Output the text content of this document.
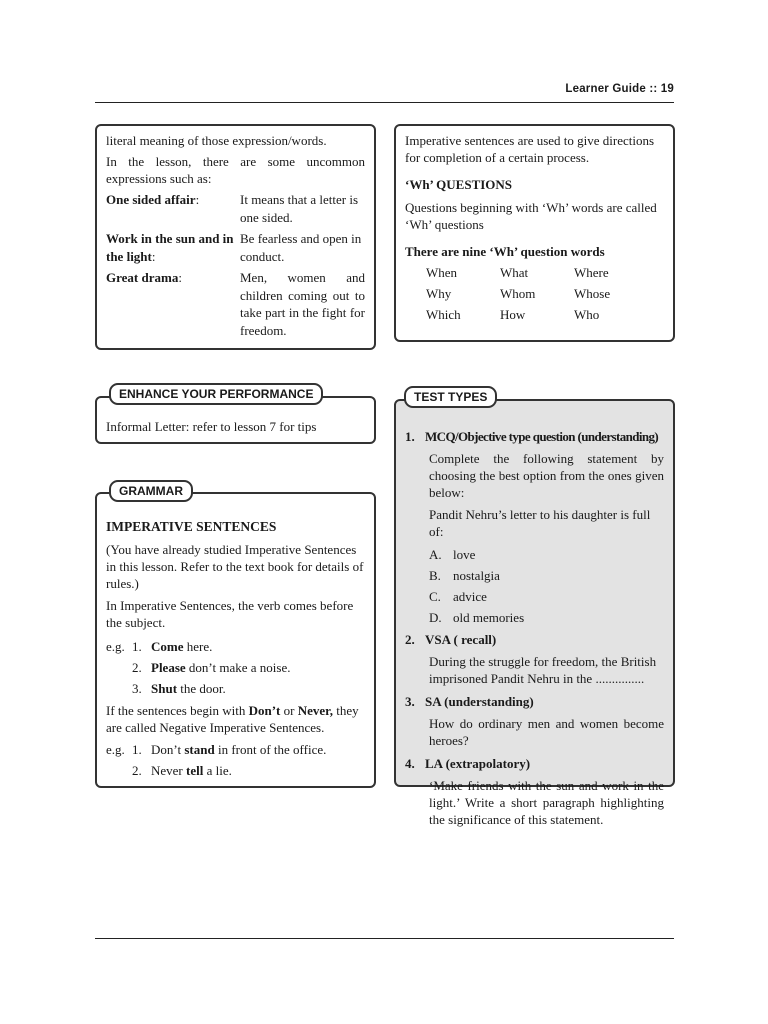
Learner Guide :: 19

literal meaning of those expression/words.

In the lesson, there are some uncommon expressions such as:

One sided affair:	It means that a letter is one sided.
Work in the sun and in the light:	Be fearless and open in conduct.
Great drama:	Men, women and children coming out to take part in the fight for freedom.

Imperative sentences are used to give directions for completion of a certain process.

‘Wh’ QUESTIONS

Questions beginning with ‘Wh’ words are called ‘Wh’ questions

There are nine ‘Wh’ question words

When	What	Where
Why	Whom	Whose
Which	How	Who

Informal Letter: refer to lesson 7 for tips

ENHANCE YOUR PERFORMANCE

IMPERATIVE SENTENCES

(You have already studied Imperative Sentences in this lesson. Refer to the text book for details of rules.)

In Imperative Sentences, the verb comes before the subject.

e.g. 1. Come here.
2. Please don’t make a noise.
3. Shut the door.

If the sentences begin with Don’t or Never, they are called Negative Imperative Sentences.

e.g. 1. Don’t stand in front of the office.
2. Never tell a lie.
GRAMMAR
1. MCQ/Objective type question (understanding)

Complete the following statement by choosing the best option from the ones given below:

Pandit Nehru’s letter to his daughter is full of:

A. love
B. nostalgia
C. advice
D. old memories
2. VSA ( recall)

During the struggle for freedom, the British imprisoned Pandit Nehru in the ...............

3. SA (understanding)

How do ordinary men and women become heroes?

4. LA (extrapolatory)

‘Make friends with the sun and work in the light.’ Write a short paragraph highlighting the significance of this statement.

TEST TYPES
